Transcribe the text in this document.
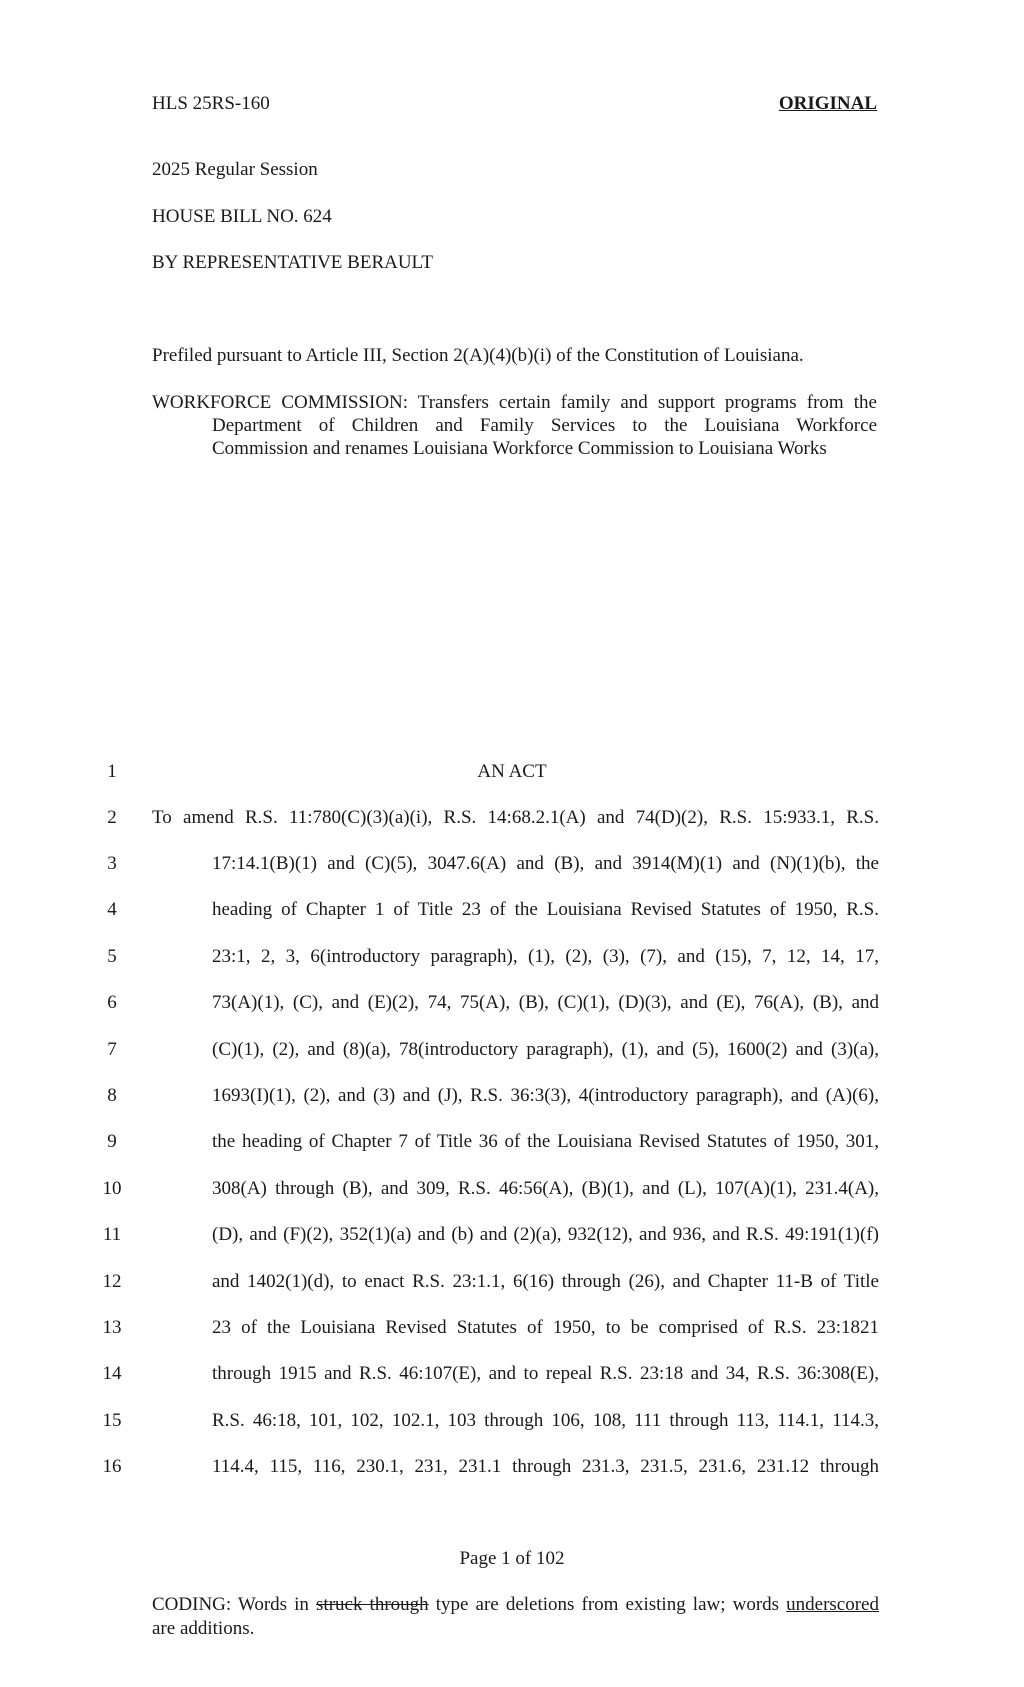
HLS 25RS-160	ORIGINAL
2025 Regular Session
HOUSE BILL NO. 624
BY REPRESENTATIVE BERAULT
Prefiled pursuant to Article III, Section 2(A)(4)(b)(i) of the Constitution of Louisiana.
WORKFORCE COMMISSION: Transfers certain family and support programs from the
Department of Children and Family Services to the Louisiana Workforce
Commission and renames Louisiana Workforce Commission to Louisiana Works
1
2
3
4
5
6
7
8
9
10
11
12
13
14
15
16
AN ACT
To amend R.S. 11:780(C)(3)(a)(i), R.S. 14:68.2.1(A) and 74(D)(2), R.S. 15:933.1, R.S.
17:14.1(B)(1) and (C)(5), 3047.6(A) and (B), and 3914(M)(1) and (N)(1)(b), the
heading of Chapter 1 of Title 23 of the Louisiana Revised Statutes of 1950, R.S.
23:1, 2, 3, 6(introductory paragraph), (1), (2), (3), (7), and (15), 7, 12, 14, 17,
73(A)(1), (C), and (E)(2), 74, 75(A), (B), (C)(1), (D)(3), and (E), 76(A), (B), and
(C)(1), (2), and (8)(a), 78(introductory paragraph), (1), and (5), 1600(2) and (3)(a),
1693(I)(1), (2), and (3) and (J), R.S. 36:3(3), 4(introductory paragraph), and (A)(6),
the heading of Chapter 7 of Title 36 of the Louisiana Revised Statutes of 1950, 301,
308(A) through (B), and 309, R.S. 46:56(A), (B)(1), and (L), 107(A)(1), 231.4(A),
(D), and (F)(2), 352(1)(a) and (b) and (2)(a), 932(12), and 936, and R.S. 49:191(1)(f)
and 1402(1)(d), to enact R.S. 23:1.1, 6(16) through (26), and Chapter 11-B of Title
23 of the Louisiana Revised Statutes of 1950, to be comprised of R.S. 23:1821
through 1915 and R.S. 46:107(E), and to repeal R.S. 23:18 and 34, R.S. 36:308(E),
R.S. 46:18, 101, 102, 102.1, 103 through 106, 108, 111 through 113, 114.1, 114.3,
114.4, 115, 116, 230.1, 231, 231.1 through 231.3, 231.5, 231.6, 231.12 through
Page 1 of 102
CODING: Words in struck through type are deletions from existing law; words underscored
are additions.
